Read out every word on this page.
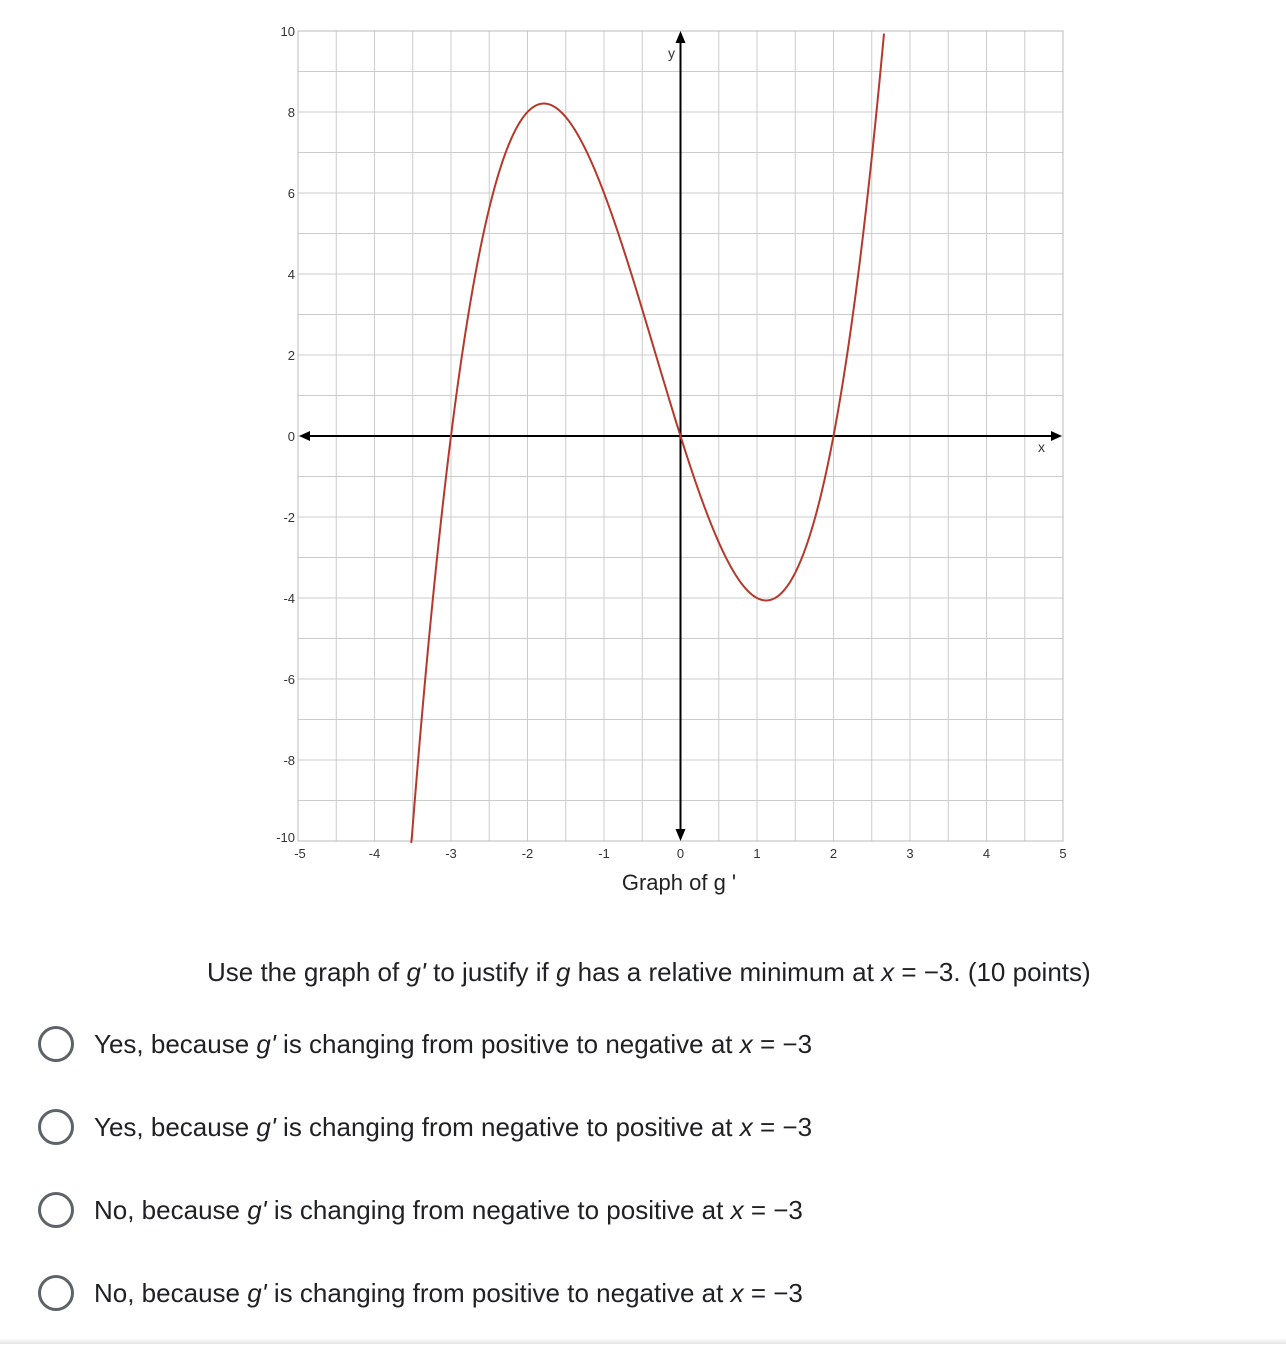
-5	-4	-3	-2	-1	0	1	2	3	4	5
-10
-8
-6
-4
-2
0
2
4
6
8
10
y
x
Graph of g '
Use the graph of g' to justify if g has a relative minimum at x = −3. (10 points)
Yes, because g' is changing from positive to negative at x = −3
Yes, because g' is changing from negative to positive at x = −3
No, because g' is changing from negative to positive at x = −3
No, because g' is changing from positive to negative at x = −3
